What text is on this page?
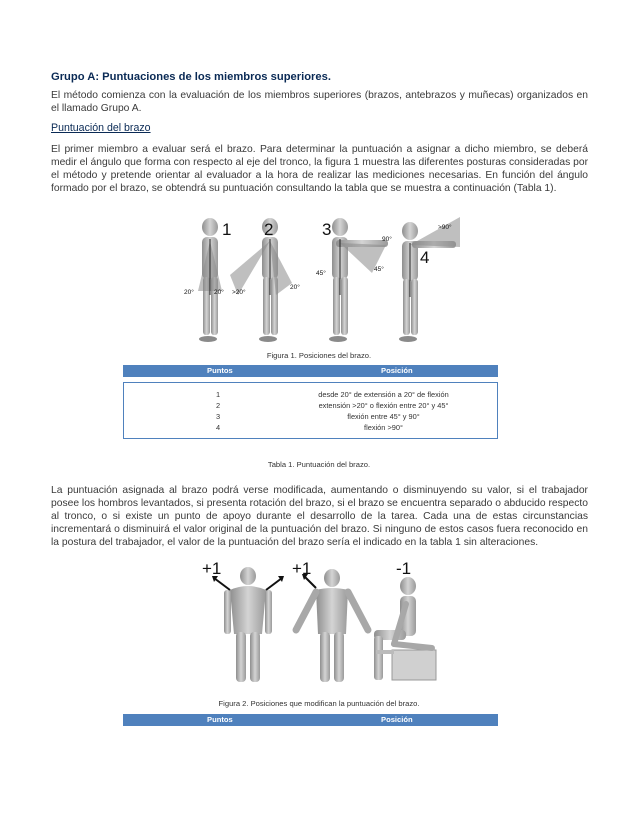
Grupo A: Puntuaciones de los miembros superiores.

El método comienza con la evaluación de los miembros superiores (brazos, antebrazos y muñecas) organizados en el llamado Grupo A.

Puntuación del brazo

El primer miembro a evaluar será el brazo. Para determinar la puntuación a asignar a dicho miembro, se deberá medir el ángulo que forma con respecto al eje del tronco, la figura 1 muestra las diferentes posturas consideradas por el método y pretende orientar al evaluador a la hora de realizar las mediciones necesarias. En función del ángulo formado por el brazo, se obtendrá su puntuación consultando la tabla que se muestra a continuación (Tabla 1).

1 2	3
4
20°	20° >20°
20°
45°
45°
90°
>90°
Figura 1. Posiciones del brazo.
Puntos	Posición
1	desde 20° de extensión a 20° de flexión
2	extensión >20° o flexión entre 20° y 45°
3	flexión entre 45° y 90°
4	flexión >90°
Tabla 1. Puntuación del brazo.

La puntuación asignada al brazo podrá verse modificada, aumentando o disminuyendo su valor, si el trabajador posee los hombros levantados, si presenta rotación del brazo, si el brazo se encuentra separado o abducido respecto al tronco, o si existe un punto de apoyo durante el desarrollo de la tarea. Cada una de estas circunstancias incrementará o disminuirá el valor original de la puntuación del brazo. Si ninguno de estos casos fuera reconocido en la postura del trabajador, el valor de la puntuación del brazo sería el indicado en la tabla 1 sin alteraciones.

+1	+1	-1
Figura 2. Posiciones que modifican la puntuación del brazo.
Puntos	Posición
